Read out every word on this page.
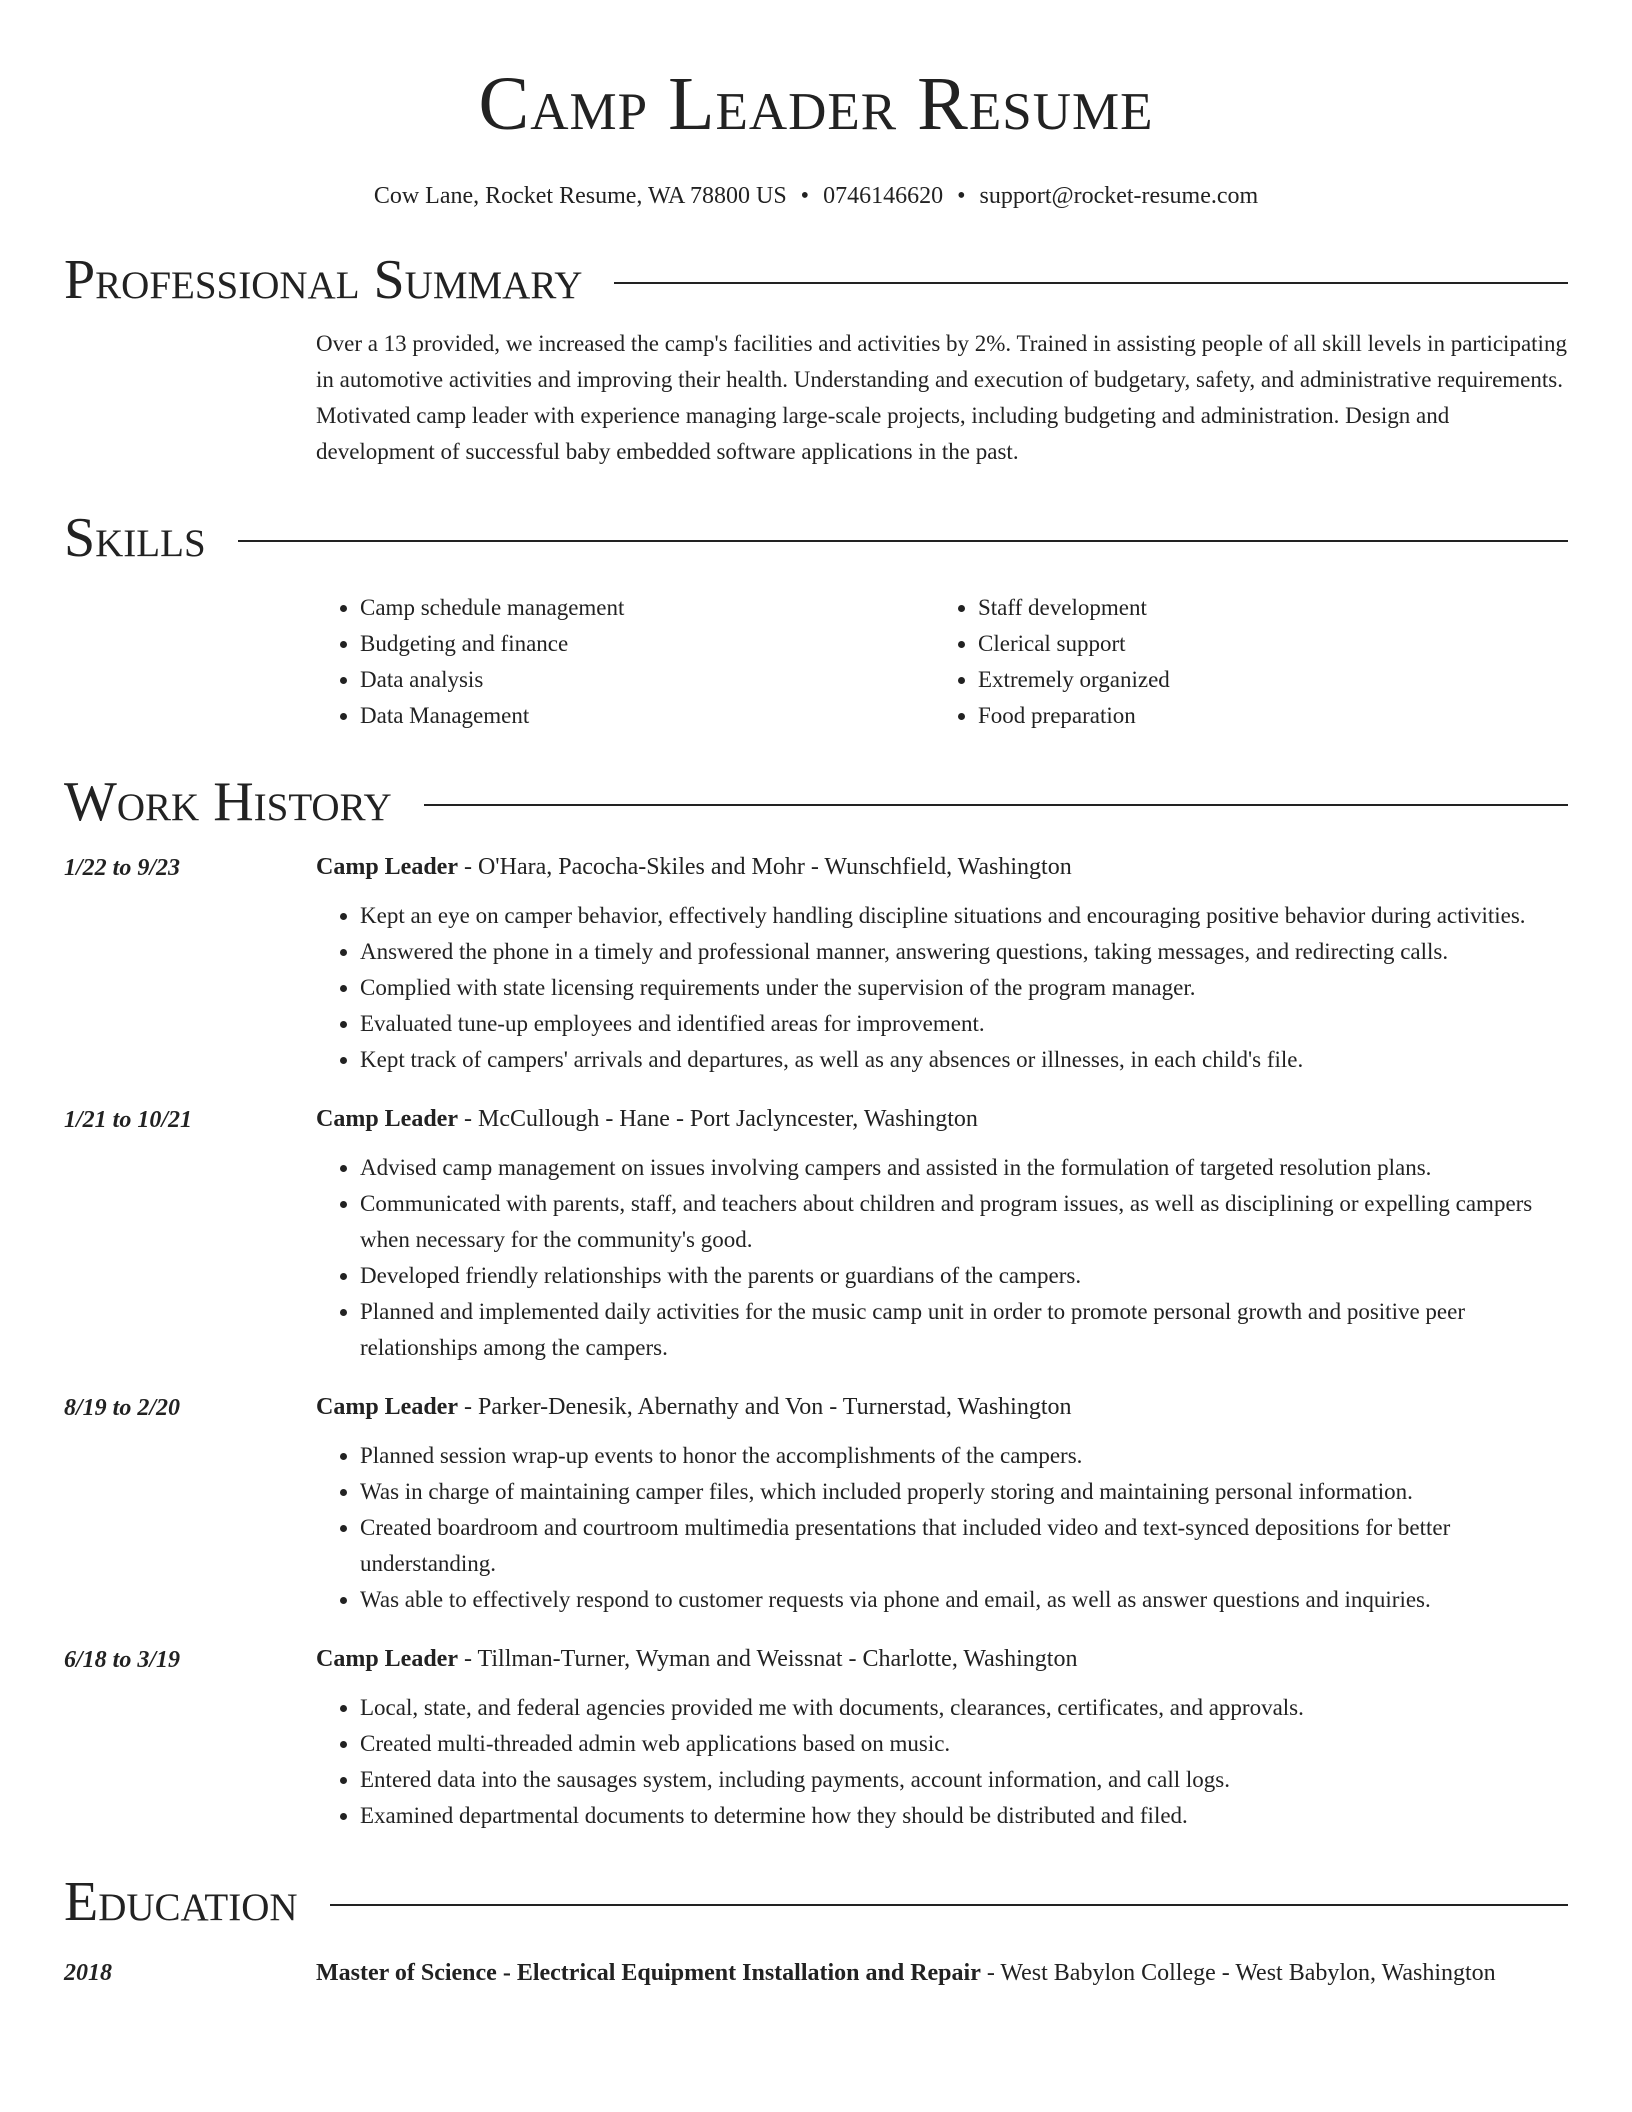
Camp Leader Resume
Cow Lane, Rocket Resume, WA 78800 US • 0746146620 • support@rocket-resume.com
Professional Summary
Over a 13 provided, we increased the camp's facilities and activities by 2%. Trained in assisting people of all skill levels in participating in automotive activities and improving their health. Understanding and execution of budgetary, safety, and administrative requirements. Motivated camp leader with experience managing large-scale projects, including budgeting and administration. Design and development of successful baby embedded software applications in the past.
Skills
• Camp schedule management
• Budgeting and finance
• Data analysis
• Data Management
• Staff development
• Clerical support
• Extremely organized
• Food preparation
Work History
1/22 to 9/23	Camp Leader - O'Hara, Pacocha-Skiles and Mohr - Wunschfield, Washington
• Kept an eye on camper behavior, effectively handling discipline situations and encouraging positive behavior during activities.
• Answered the phone in a timely and professional manner, answering questions, taking messages, and redirecting calls.
• Complied with state licensing requirements under the supervision of the program manager.
• Evaluated tune-up employees and identified areas for improvement.
• Kept track of campers' arrivals and departures, as well as any absences or illnesses, in each child's file.
1/21 to 10/21	Camp Leader - McCullough - Hane - Port Jaclyncester, Washington
• Advised camp management on issues involving campers and assisted in the formulation of targeted resolution plans.
• Communicated with parents, staff, and teachers about children and program issues, as well as disciplining or expelling campers when necessary for the community's good.
• Developed friendly relationships with the parents or guardians of the campers.
• Planned and implemented daily activities for the music camp unit in order to promote personal growth and positive peer relationships among the campers.
8/19 to 2/20	Camp Leader - Parker-Denesik, Abernathy and Von - Turnerstad, Washington
• Planned session wrap-up events to honor the accomplishments of the campers.
• Was in charge of maintaining camper files, which included properly storing and maintaining personal information.
• Created boardroom and courtroom multimedia presentations that included video and text-synced depositions for better understanding.
• Was able to effectively respond to customer requests via phone and email, as well as answer questions and inquiries.
6/18 to 3/19	Camp Leader - Tillman-Turner, Wyman and Weissnat - Charlotte, Washington
• Local, state, and federal agencies provided me with documents, clearances, certificates, and approvals.
• Created multi-threaded admin web applications based on music.
• Entered data into the sausages system, including payments, account information, and call logs.
• Examined departmental documents to determine how they should be distributed and filed.
Education
2018	Master of Science - Electrical Equipment Installation and Repair - West Babylon College - West Babylon, Washington
